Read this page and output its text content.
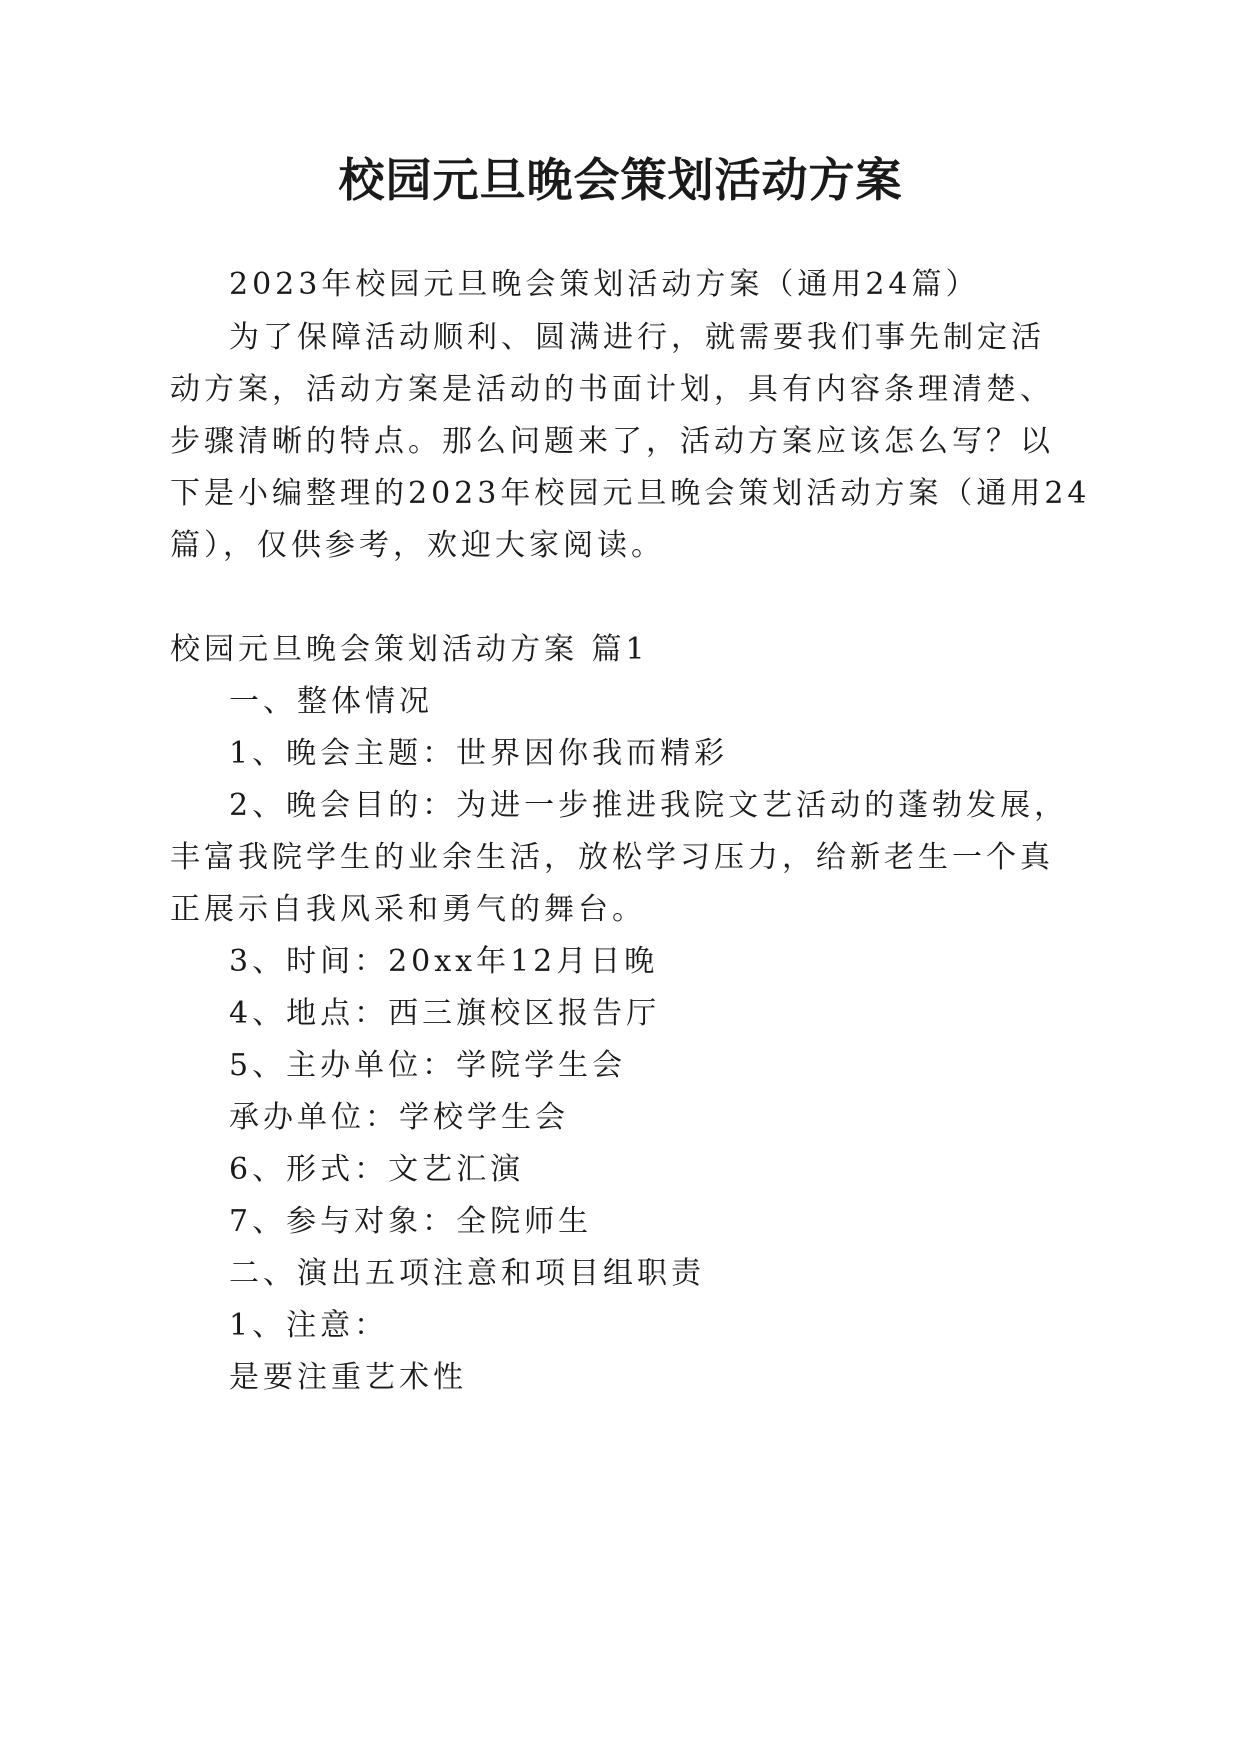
校园元旦晚会策划活动方案
2023年校园元旦晚会策划活动方案（通用24篇）
为了保障活动顺利、圆满进行，就需要我们事先制定活
动方案，活动方案是活动的书面计划，具有内容条理清楚、
步骤清晰的特点。那么问题来了，活动方案应该怎么写？以
下是小编整理的2023年校园元旦晚会策划活动方案（通用24
篇），仅供参考，欢迎大家阅读。
校园元旦晚会策划活动方案 篇1
一、整体情况
1、晚会主题：世界因你我而精彩
2、晚会目的：为进一步推进我院文艺活动的蓬勃发展，
丰富我院学生的业余生活，放松学习压力，给新老生一个真
正展示自我风采和勇气的舞台。
3、时间：20xx年12月日晚
4、地点：西三旗校区报告厅
5、主办单位：学院学生会
承办单位：学校学生会
6、形式：文艺汇演
7、参与对象：全院师生
二、演出五项注意和项目组职责
1、注意：
是要注重艺术性
